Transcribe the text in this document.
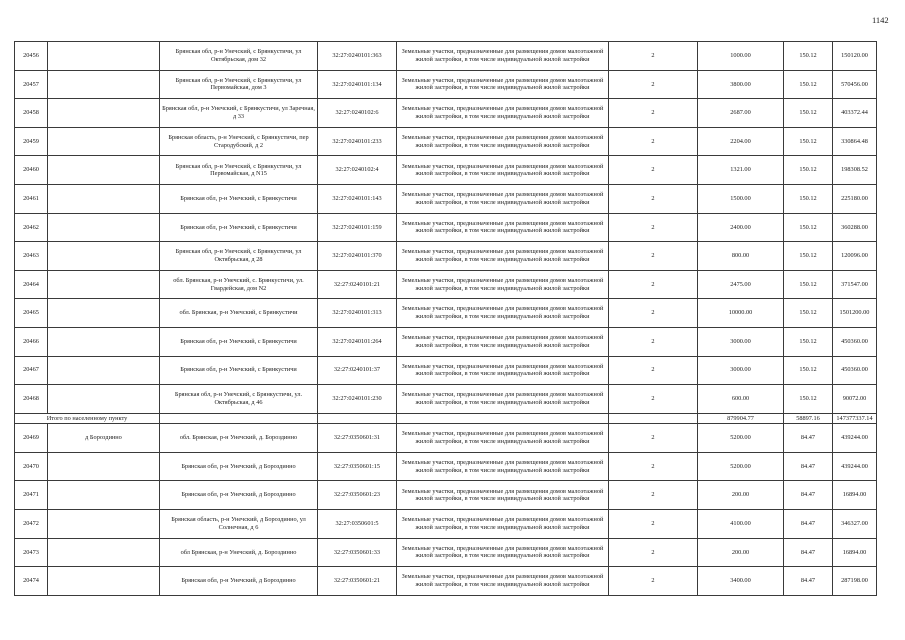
1142
20456		Брянская обл, р-н Унечский, с Брянкустичи, ул Октябрьская, дом 32	32:27:0240101:363	Земельные участки, предназначенные для размещения домов малоэтажной жилой застройки, в том числе индивидуальной жилой застройки	2	1000.00	150.12	150120.00
20457		Брянская обл, р-н Унечский, с Брянкустичи, ул Первомайская, дом 3	32:27:0240101:134	Земельные участки, предназначенные для размещения домов малоэтажной жилой застройки, в том числе индивидуальной жилой застройки	2	3800.00	150.12	570456.00
20458		Брянская обл, р-н Унечский, с Брянкустичи, ул Заречная, д 33	32:27:0240102:6	Земельные участки, предназначенные для размещения домов малоэтажной жилой застройки, в том числе индивидуальной жилой застройки	2	2687.00	150.12	403372.44
20459		Брянская область, р-н Унечский, с Брянкустичи, пер Стародубский, д 2	32:27:0240101:233	Земельные участки, предназначенные для размещения домов малоэтажной жилой застройки, в том числе индивидуальной жилой застройки	2	2204.00	150.12	330864.48
20460		Брянская обл, р-н Унечский, с Брянкустичи, ул Первомайская, д N15	32:27:0240102:4	Земельные участки, предназначенные для размещения домов малоэтажной жилой застройки, в том числе индивидуальной жилой застройки	2	1321.00	150.12	198308.52
20461		Брянская обл, р-н Унечский, с Брянкустичи	32:27:0240101:143	Земельные участки, предназначенные для размещения домов малоэтажной жилой застройки, в том числе индивидуальной жилой застройки	2	1500.00	150.12	225180.00
20462		Брянская обл, р-н Унечский, с Брянкустичи	32:27:0240101:159	Земельные участки, предназначенные для размещения домов малоэтажной жилой застройки, в том числе индивидуальной жилой застройки	2	2400.00	150.12	360288.00
20463		Брянская обл, р-н Унечский, с Брянкустичи, ул Октябрьская, д 28	32:27:0240101:370	Земельные участки, предназначенные для размещения домов малоэтажной жилой застройки, в том числе индивидуальной жилой застройки	2	800.00	150.12	120096.00
20464		обл. Брянская, р-н Унечский, с. Брянкустичи, ул. Гвардейская, дом N2	32:27:0240101:21	Земельные участки, предназначенные для размещения домов малоэтажной жилой застройки, в том числе индивидуальной жилой застройки	2	2475.00	150.12	371547.00
20465		обл. Брянская, р-н Унечский, с Брянкустичи	32:27:0240101:313	Земельные участки, предназначенные для размещения домов малоэтажной жилой застройки, в том числе индивидуальной жилой застройки	2	10000.00	150.12	1501200.00
20466		Брянская обл, р-н Унечский, с Брянкустичи	32:27:0240101:264	Земельные участки, предназначенные для размещения домов малоэтажной жилой застройки, в том числе индивидуальной жилой застройки	2	3000.00	150.12	450360.00
20467		Брянская обл, р-н Унечский, с Брянкустичи	32:27:0240101:37	Земельные участки, предназначенные для размещения домов малоэтажной жилой застройки, в том числе индивидуальной жилой застройки	2	3000.00	150.12	450360.00
20468		Брянская обл, р-н Унечский, с Брянкустичи, ул. Октябрьская, д 46	32:27:0240101:230	Земельные участки, предназначенные для размещения домов малоэтажной жилой застройки, в том числе индивидуальной жилой застройки	2	600.00	150.12	90072.00
Итого по населенному пункту						879904.77	58897.16	147377337.14
20469	д Бороздинно	обл. Брянская, р-н Унечский, д. Бороздинно	32:27:0350601:31	Земельные участки, предназначенные для размещения домов малоэтажной жилой застройки, в том числе индивидуальной жилой застройки	2	5200.00	84.47	439244.00
20470		Брянская обл, р-н Унечский, д Бороздинно	32:27:0350601:15	Земельные участки, предназначенные для размещения домов малоэтажной жилой застройки, в том числе индивидуальной жилой застройки	2	5200.00	84.47	439244.00
20471		Брянская обл, р-н Унечский, д Бороздинно	32:27:0350601:23	Земельные участки, предназначенные для размещения домов малоэтажной жилой застройки, в том числе индивидуальной жилой застройки	2	200.00	84.47	16894.00
20472		Брянская область, р-н Унечский, д Бороздинно, ул Солнечная, д 6	32:27:0350601:5	Земельные участки, предназначенные для размещения домов малоэтажной жилой застройки, в том числе индивидуальной жилой застройки	2	4100.00	84.47	346327.00
20473		обл Брянская, р-н Унечский, д. Бороздинно	32:27:0350601:33	Земельные участки, предназначенные для размещения домов малоэтажной жилой застройки, в том числе индивидуальной жилой застройки	2	200.00	84.47	16894.00
20474		Брянская обл, р-н Унечский, д Бороздинно	32:27:0350601:21	Земельные участки, предназначенные для размещения домов малоэтажной жилой застройки, в том числе индивидуальной жилой застройки	2	3400.00	84.47	287198.00
